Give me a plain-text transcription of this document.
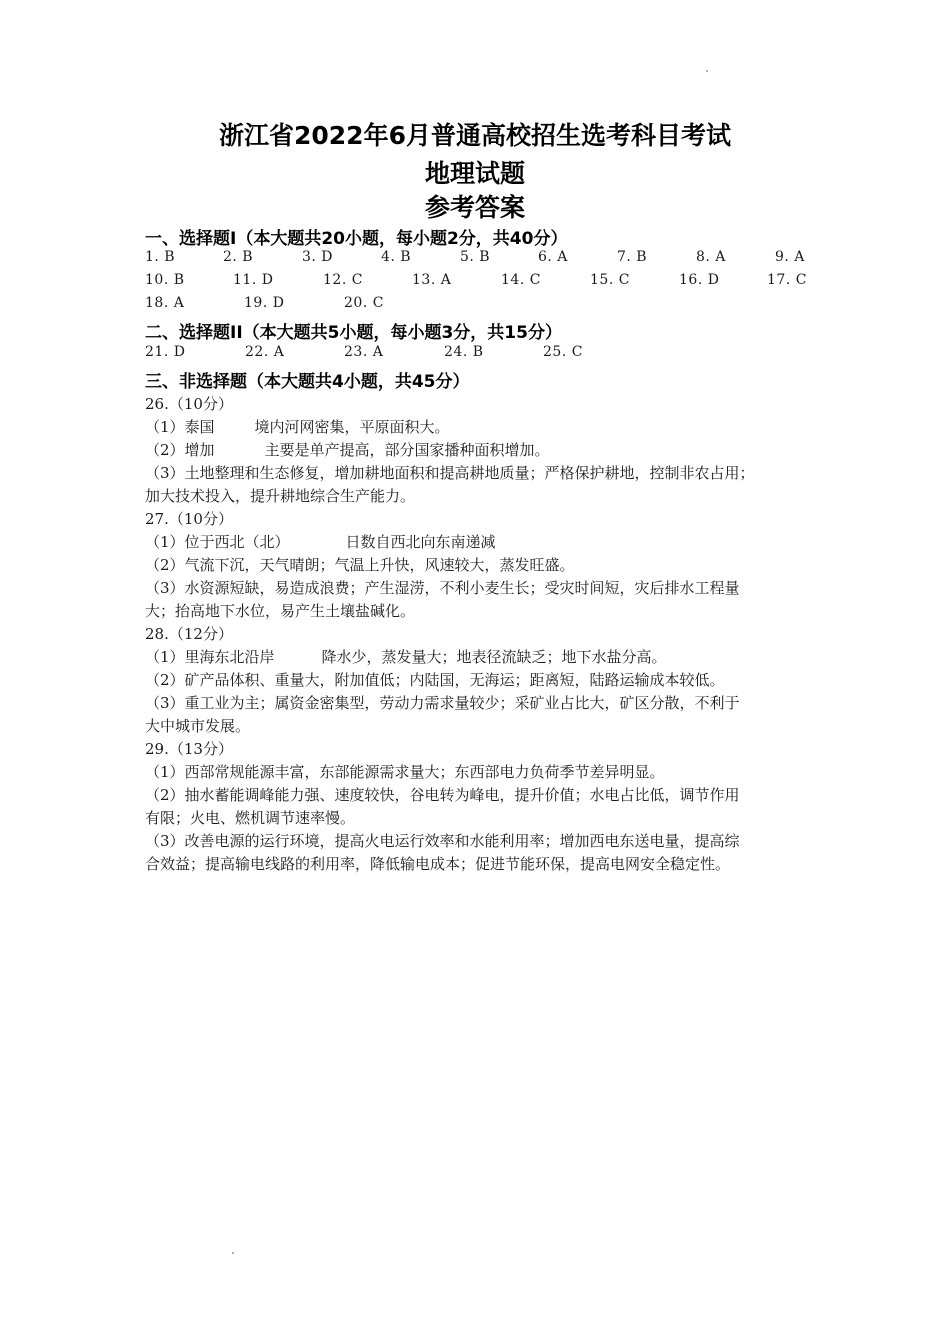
浙江省2022年6月普通高校招生选考科目考试
地理试题
参考答案
一、选择题Ⅰ（本大题共20小题，每小题2分，共40分）
1. B	2. B	3. D	4. B	5. B	6. A	7. B	8. A	9. A
10. B	11. D	12. C	13. A	14. C	15. C	16. D	17. C
18. A	19. D	20. C
二、选择题II（本大题共5小题，每小题3分，共15分）
21. D	22. A	23. A	24. B	25. C
三、非选择题（本大题共4小题，共45分）
26.（10分）
（1）泰国	境内河网密集，平原面积大。
（2）增加	主要是单产提高，部分国家播种面积增加。
（3）土地整理和生态修复，增加耕地面积和提高耕地质量；严格保护耕地，控制非农占用；
加大技术投入，提升耕地综合生产能力。
27.（10分）
（1）位于西北（北）	日数自西北向东南递减
（2）气流下沉，天气晴朗；气温上升快，风速较大，蒸发旺盛。
（3）水资源短缺，易造成浪费；产生湿涝，不利小麦生长；受灾时间短，灾后排水工程量
大；抬高地下水位，易产生土壤盐碱化。
28.（12分）
（1）里海东北沿岸	降水少，蒸发量大；地表径流缺乏；地下水盐分高。
（2）矿产品体积、重量大，附加值低；内陆国，无海运；距离短，陆路运输成本较低。
（3）重工业为主；属资金密集型，劳动力需求量较少；采矿业占比大，矿区分散，不利于
大中城市发展。
29.（13分）
（1）西部常规能源丰富，东部能源需求量大；东西部电力负荷季节差异明显。
（2）抽水蓄能调峰能力强、速度较快，谷电转为峰电，提升价值；水电占比低，调节作用
有限；火电、燃机调节速率慢。
（3）改善电源的运行环境，提高火电运行效率和水能利用率；增加西电东送电量，提高综
合效益；提高输电线路的利用率，降低输电成本；促进节能环保，提高电网安全稳定性。
